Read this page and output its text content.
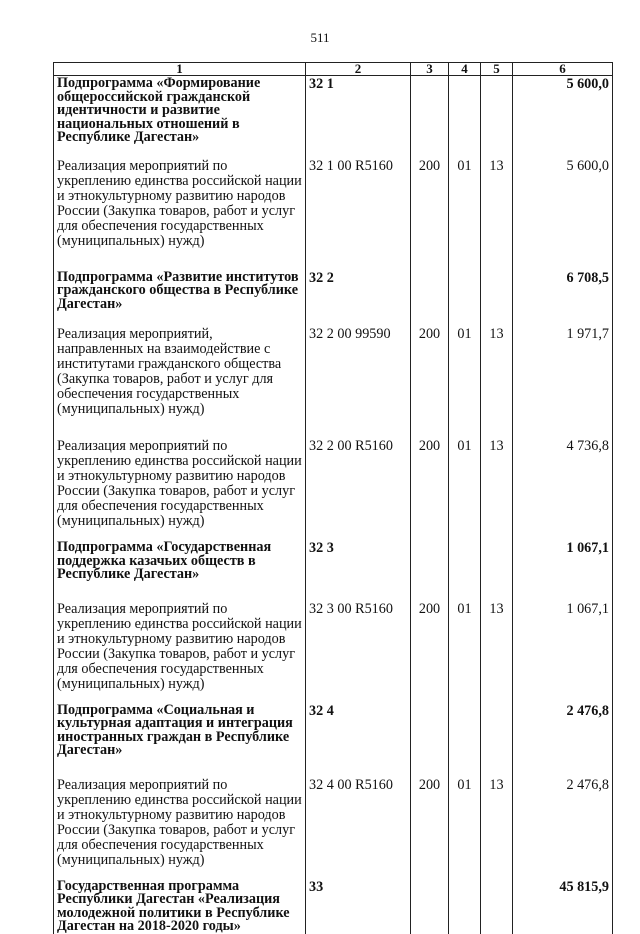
511
1	2	3	4	5	6
Подпрограмма «Формирование общероссийской гражданской идентичности и развитие национальных отношений в Республике Дагестан»	32 1				5 600,0
Реализация мероприятий по укреплению единства российской нации и этнокультурному развитию народов России (Закупка товаров, работ и услуг для обеспечения государственных (муниципальных) нужд)	32 1 00 R5160	200	01	13	5 600,0
Подпрограмма «Развитие институтов гражданского общества в Республике Дагестан»	32 2				6 708,5
Реализация мероприятий, направленных на взаимодействие с институтами гражданского общества (Закупка товаров, работ и услуг для обеспечения государственных (муниципальных) нужд)	32 2 00 99590	200	01	13	1 971,7
Реализация мероприятий по укреплению единства российской нации и этнокультурному развитию народов России (Закупка товаров, работ и услуг для обеспечения государственных (муниципальных) нужд)	32 2 00 R5160	200	01	13	4 736,8
Подпрограмма «Государственная поддержка казачьих обществ в Республике Дагестан»	32 3				1 067,1
Реализация мероприятий по укреплению единства российской нации и этнокультурному развитию народов России (Закупка товаров, работ и услуг для обеспечения государственных (муниципальных) нужд)	32 3 00 R5160	200	01	13	1 067,1
Подпрограмма «Социальная и культурная адаптация и интеграция иностранных граждан в Республике Дагестан»	32 4				2 476,8
Реализация мероприятий по укреплению единства российской нации и этнокультурному развитию народов России (Закупка товаров, работ и услуг для обеспечения государственных (муниципальных) нужд)	32 4 00 R5160	200	01	13	2 476,8
Государственная программа Республики Дагестан «Реализация молодежной политики в Республике Дагестан на 2018-2020 годы»	33				45 815,9
